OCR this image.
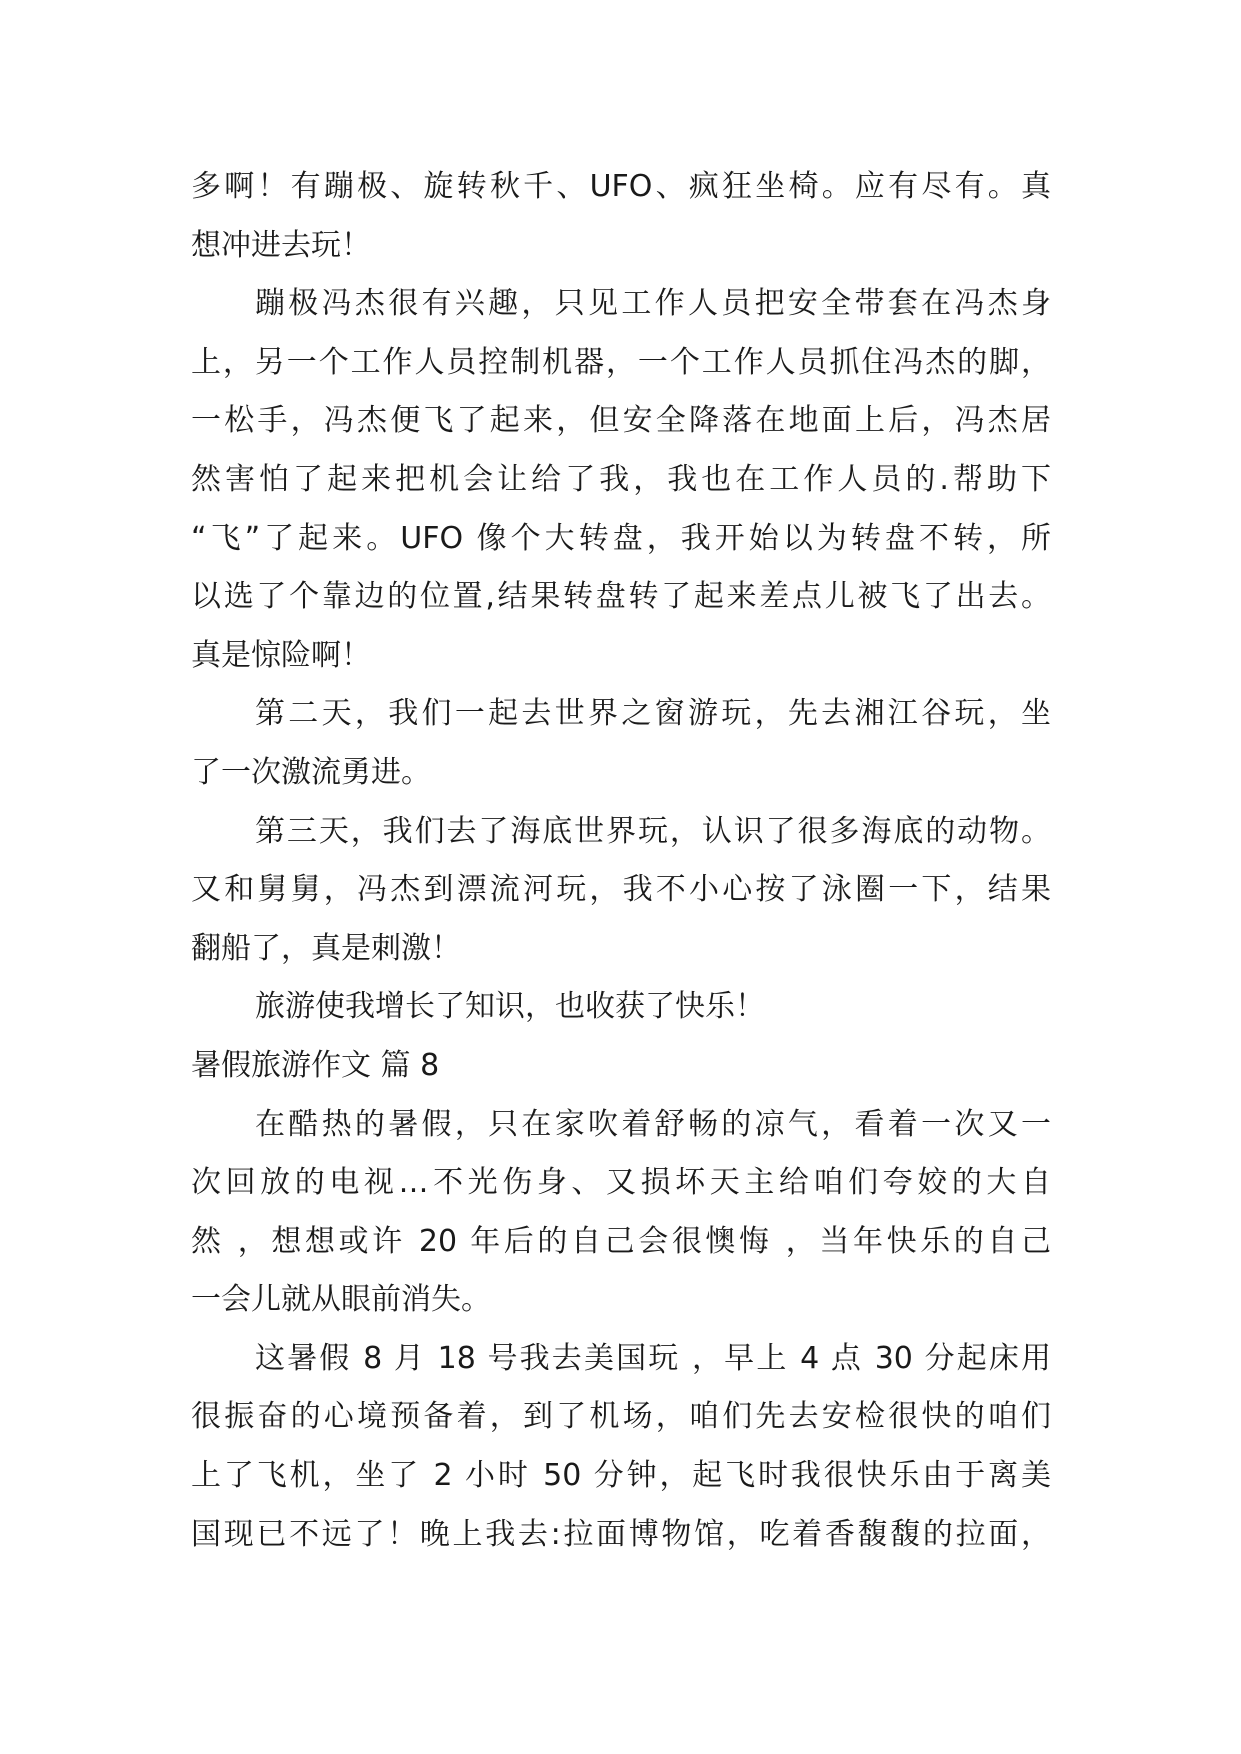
多啊！有蹦极、旋转秋千、UFO、疯狂坐椅。应有尽有。真
想冲进去玩！
蹦极冯杰很有兴趣，只见工作人员把安全带套在冯杰身
上，另一个工作人员控制机器，一个工作人员抓住冯杰的脚，
一松手，冯杰便飞了起来，但安全降落在地面上后，冯杰居
然害怕了起来把机会让给了我，我也在工作人员的.帮助下
“飞”了起来。UFO 像个大转盘，我开始以为转盘不转，所
以选了个靠边的位置,结果转盘转了起来差点儿被飞了出去。
真是惊险啊！
第二天，我们一起去世界之窗游玩，先去湘江谷玩，坐
了一次激流勇进。
第三天，我们去了海底世界玩，认识了很多海底的动物。
又和舅舅，冯杰到漂流河玩，我不小心按了泳圈一下，结果
翻船了，真是刺激！
旅游使我增长了知识，也收获了快乐！
暑假旅游作文 篇 8
在酷热的暑假，只在家吹着舒畅的凉气，看着一次又一
次回放的电视…不光伤身、又损坏天主给咱们夸姣的大自
然 ，想想或许 20 年后的自己会很懊悔 ，当年快乐的自己
一会儿就从眼前消失。
这暑假 8 月 18 号我去美国玩 ，早上 4 点 30 分起床用
很振奋的心境预备着，到了机场，咱们先去安检很快的咱们
上了飞机，坐了 2 小时 50 分钟，起飞时我很快乐由于离美
国现已不远了！晚上我去:拉面博物馆，吃着香馥馥的拉面，
